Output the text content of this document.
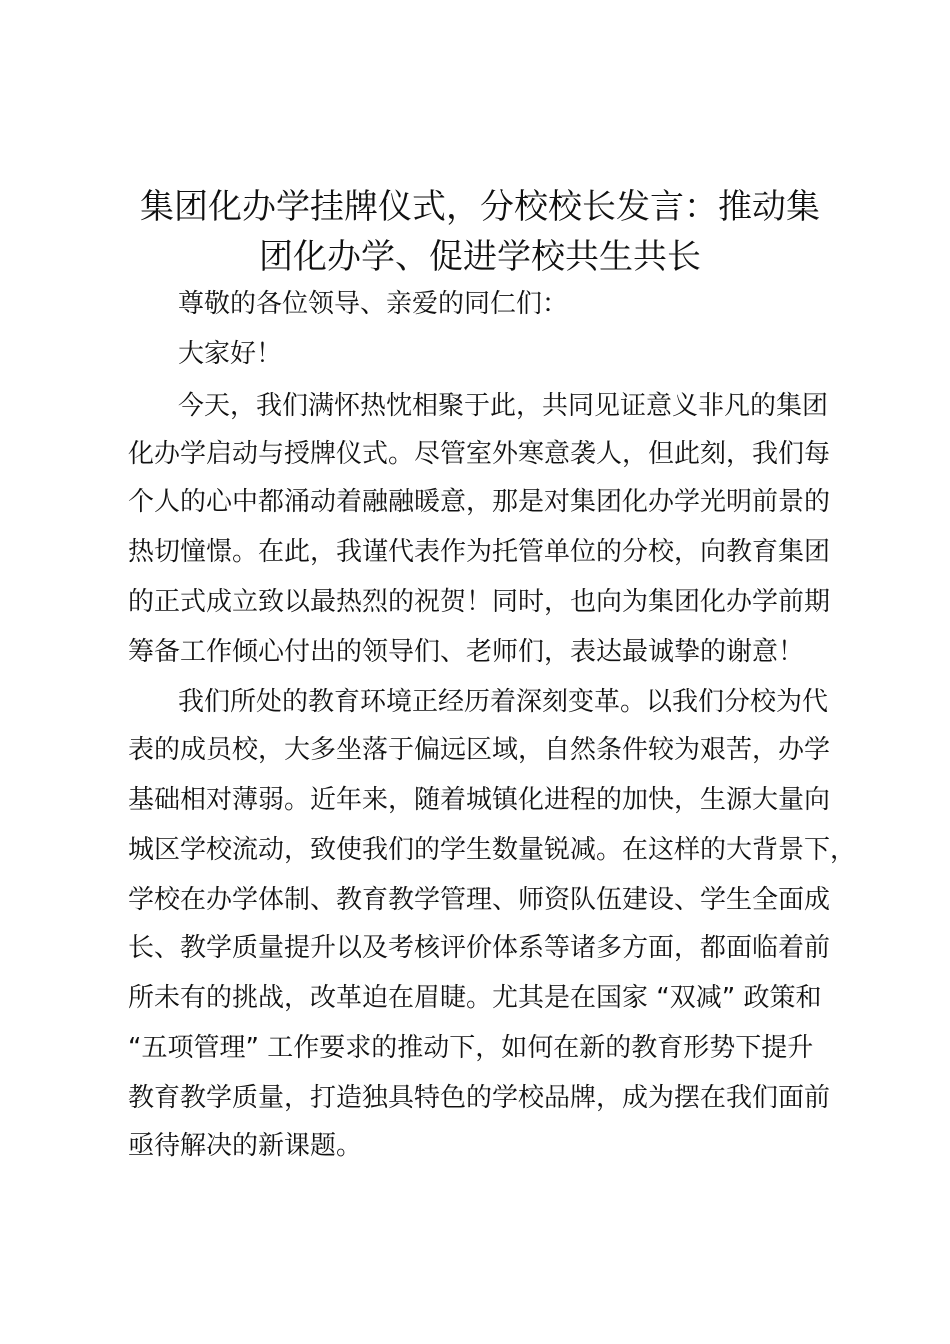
集团化办学挂牌仪式，分校校长发言：推动集
团化办学、促进学校共生共长

尊敬的各位领导、亲爱的同仁们：

大家好！

今天，我们满怀热忱相聚于此，共同见证意义非凡的集团

化办学启动与授牌仪式。尽管室外寒意袭人，但此刻，我们每

个人的心中都涌动着融融暖意，那是对集团化办学光明前景的

热切憧憬。在此，我谨代表作为托管单位的分校，向教育集团

的正式成立致以最热烈的祝贺！同时，也向为集团化办学前期

筹备工作倾心付出的领导们、老师们，表达最诚挚的谢意！

我们所处的教育环境正经历着深刻变革。以我们分校为代

表的成员校，大多坐落于偏远区域，自然条件较为艰苦，办学

基础相对薄弱。近年来，随着城镇化进程的加快，生源大量向

城区学校流动，致使我们的学生数量锐减。在这样的大背景下，

学校在办学体制、教育教学管理、师资队伍建设、学生全面成

长、教学质量提升以及考核评价体系等诸多方面，都面临着前

所未有的挑战，改革迫在眉睫。尤其是在国家 “双减” 政策和

“五项管理” 工作要求的推动下，如何在新的教育形势下提升

教育教学质量，打造独具特色的学校品牌，成为摆在我们面前

亟待解决的新课题。
